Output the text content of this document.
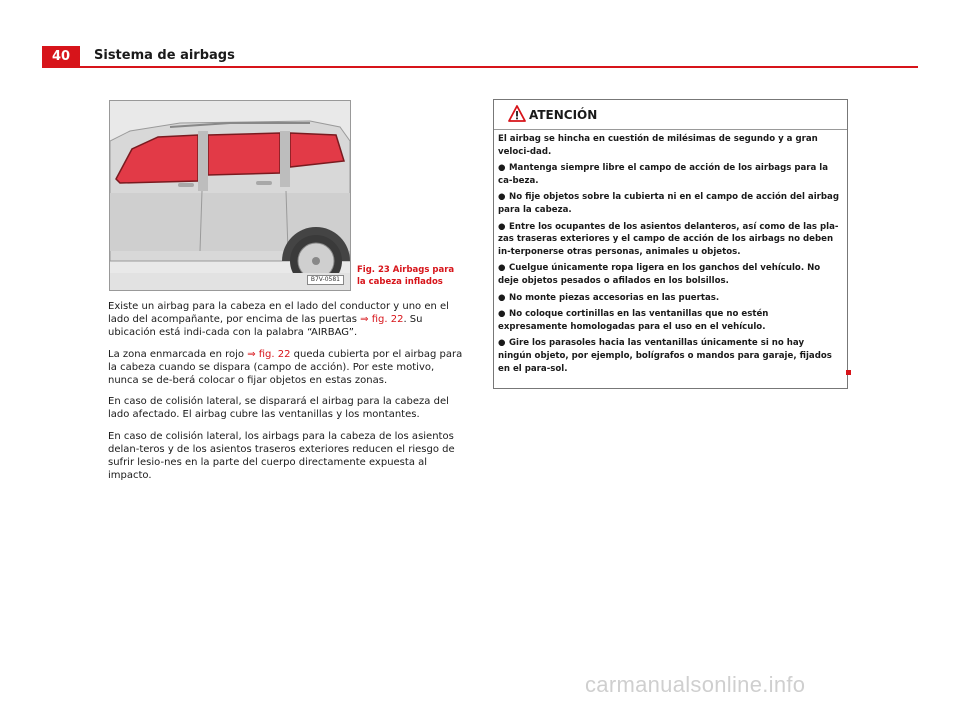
40	Sistema de airbags
B7V-0581
Fig. 23 Airbags para la cabeza inflados

Existe un airbag para la cabeza en el lado del conductor y uno en el lado del acompañante, por encima de las puertas ⇒ fig. 22. Su ubicación está indi-cada con la palabra “AIRBAG”.

La zona enmarcada en rojo ⇒ fig. 22 queda cubierta por el airbag para la cabeza cuando se dispara (campo de acción). Por este motivo, nunca se de-berá colocar o fijar objetos en estas zonas.

En caso de colisión lateral, se disparará el airbag para la cabeza del lado afectado. El airbag cubre las ventanillas y los montantes.

En caso de colisión lateral, los airbags para la cabeza de los asientos delan-teros y de los asientos traseros exteriores reducen el riesgo de sufrir lesio-nes en la parte del cuerpo directamente expuesta al impacto.

ATENCIÓN

El airbag se hincha en cuestión de milésimas de segundo y a gran veloci-dad.

● Mantenga siempre libre el campo de acción de los airbags para la ca-beza.

● No fije objetos sobre la cubierta ni en el campo de acción del airbag para la cabeza.

● Entre los ocupantes de los asientos delanteros, así como de las pla-zas traseras exteriores y el campo de acción de los airbags no deben in-terponerse otras personas, animales u objetos.

● Cuelgue únicamente ropa ligera en los ganchos del vehículo. No deje objetos pesados o afilados en los bolsillos.

● No monte piezas accesorias en las puertas.

● No coloque cortinillas en las ventanillas que no estén expresamente homologadas para el uso en el vehículo.

● Gire los parasoles hacia las ventanillas únicamente si no hay ningún objeto, por ejemplo, bolígrafos o mandos para garaje, fijados en el para-sol.

carmanualsonline.info
